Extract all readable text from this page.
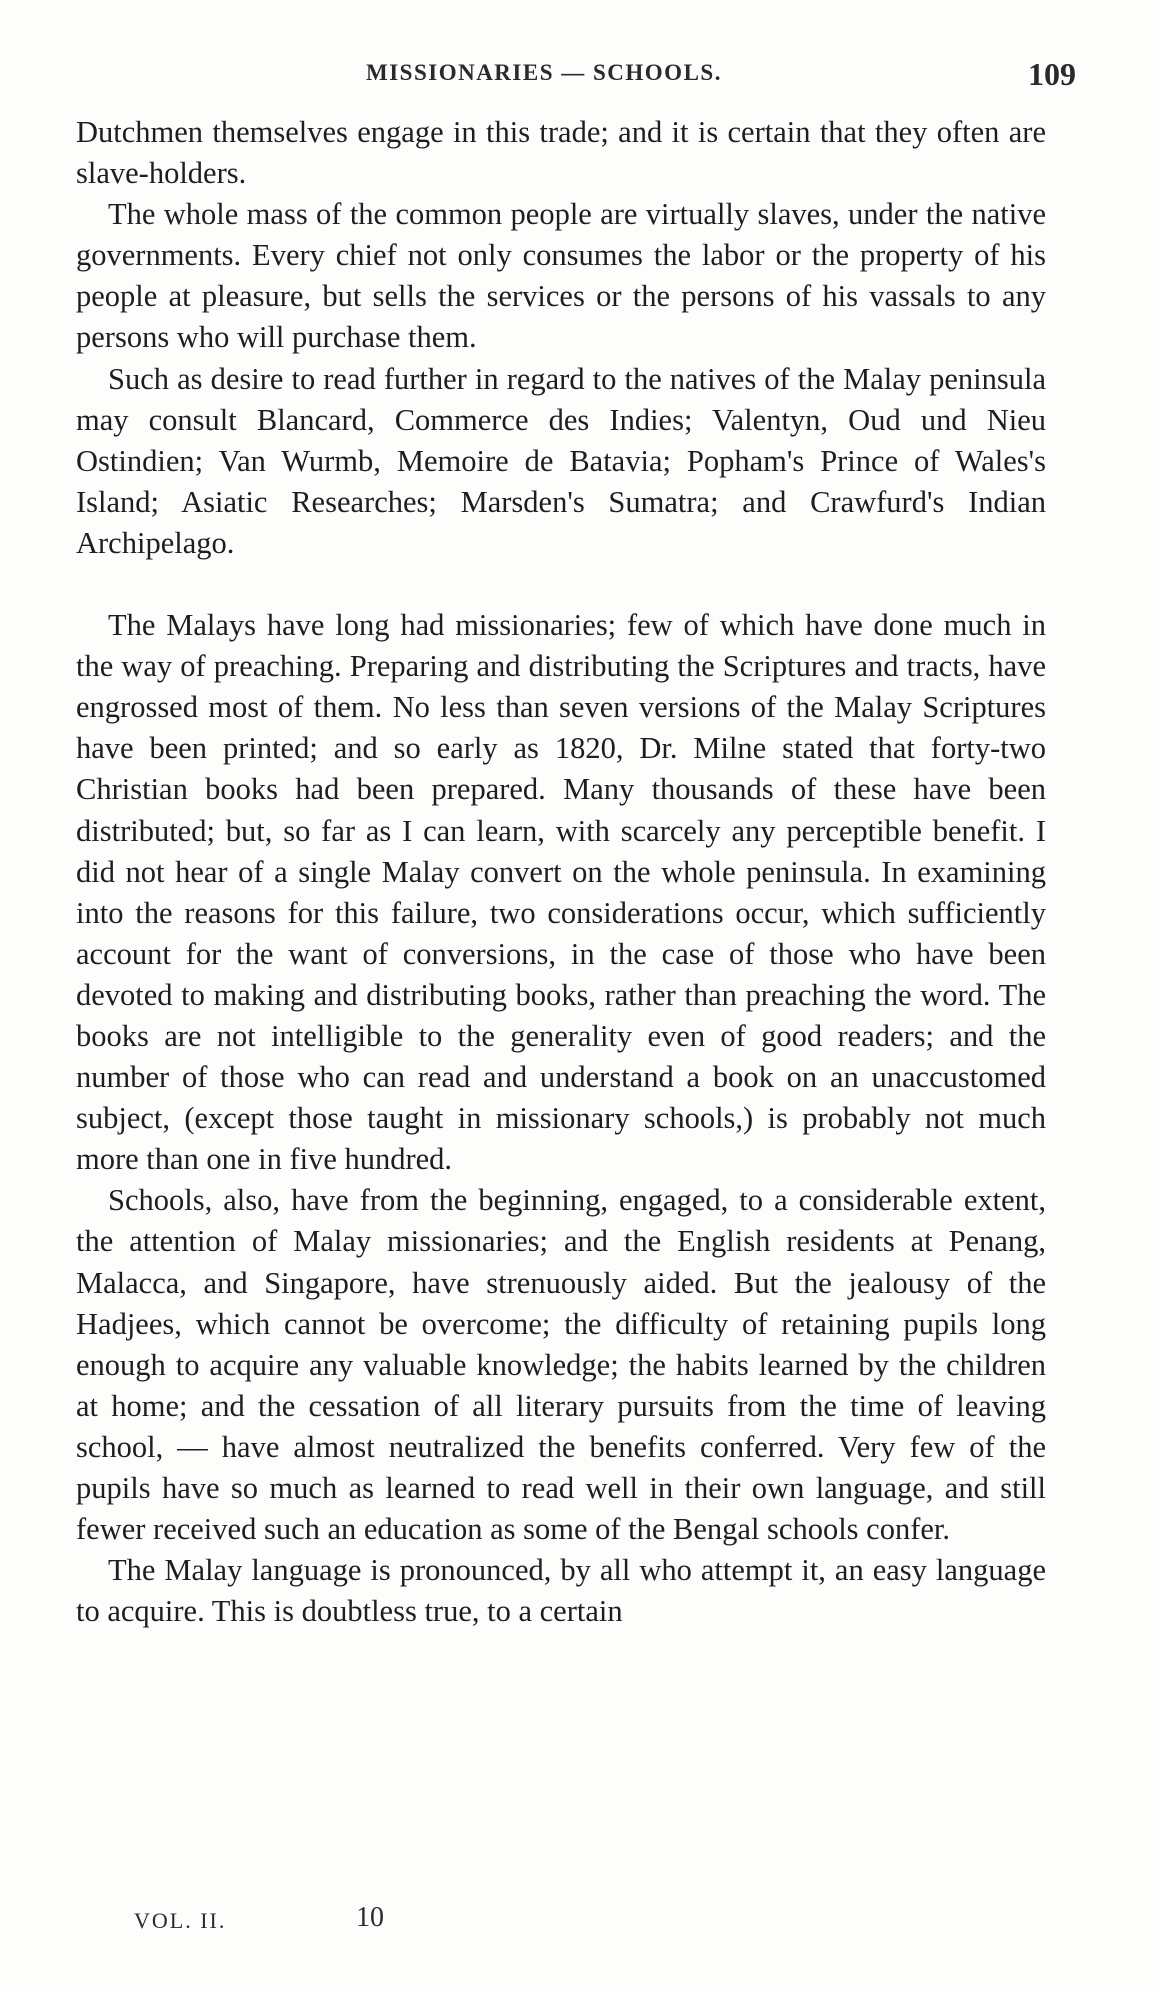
MISSIONARIES — SCHOOLS.	109

Dutchmen themselves engage in this trade; and it is certain that they often are slave-holders.

The whole mass of the common people are virtually slaves, under the native governments. Every chief not only consumes the labor or the property of his people at pleasure, but sells the services or the persons of his vassals to any persons who will purchase them.

Such as desire to read further in regard to the natives of the Malay peninsula may consult Blancard, Commerce des Indies; Valentyn, Oud und Nieu Ostindien; Van Wurmb, Memoire de Batavia; Popham's Prince of Wales's Island; Asiatic Researches; Marsden's Sumatra; and Crawfurd's Indian Archipelago.

The Malays have long had missionaries; few of which have done much in the way of preaching. Preparing and distributing the Scriptures and tracts, have engrossed most of them. No less than seven versions of the Malay Scriptures have been printed; and so early as 1820, Dr. Milne stated that forty-two Christian books had been prepared. Many thousands of these have been distributed; but, so far as I can learn, with scarcely any perceptible benefit. I did not hear of a single Malay convert on the whole peninsula. In examining into the reasons for this failure, two considerations occur, which sufficiently account for the want of conversions, in the case of those who have been devoted to making and distributing books, rather than preaching the word. The books are not intelligible to the generality even of good readers; and the number of those who can read and understand a book on an unaccustomed subject, (except those taught in missionary schools,) is probably not much more than one in five hundred.

Schools, also, have from the beginning, engaged, to a considerable extent, the attention of Malay missionaries; and the English residents at Penang, Malacca, and Singapore, have strenuously aided. But the jealousy of the Hadjees, which cannot be overcome; the difficulty of retaining pupils long enough to acquire any valuable knowledge; the habits learned by the children at home; and the cessation of all literary pursuits from the time of leaving school, — have almost neutralized the benefits conferred. Very few of the pupils have so much as learned to read well in their own language, and still fewer received such an education as some of the Bengal schools confer.

The Malay language is pronounced, by all who attempt it, an easy language to acquire. This is doubtless true, to a certain

VOL. II.	10
